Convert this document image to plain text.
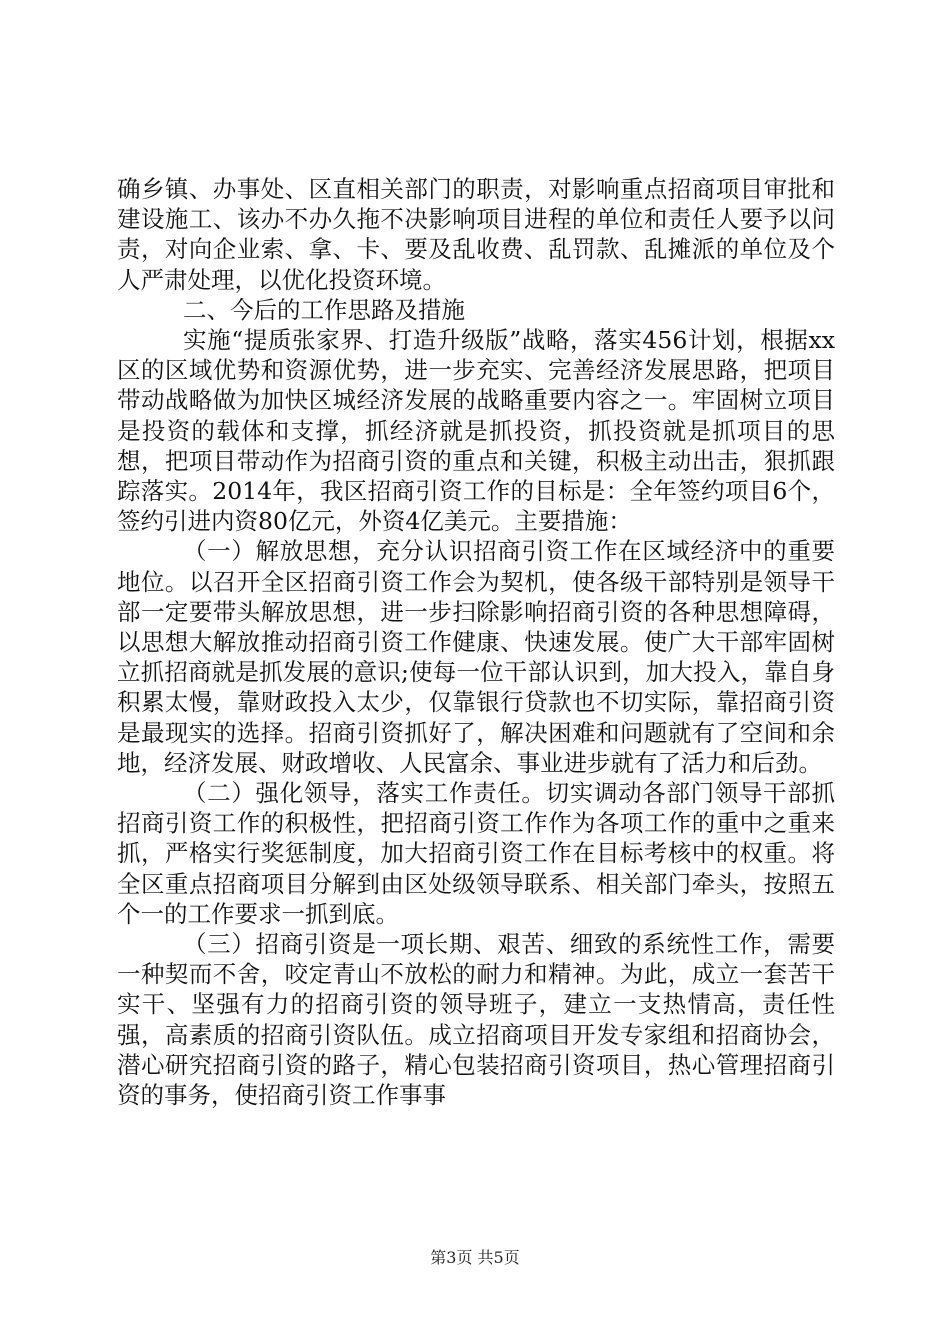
确乡镇、办事处、区直相关部门的职责，对影响重点招商项目审批和建设施工、该办不办久拖不决影响项目进程的单位和责任人要予以问责，对向企业索、拿、卡、要及乱收费、乱罚款、乱摊派的单位及个人严肃处理，以优化投资环境。

二、今后的工作思路及措施

实施“提质张家界、打造升级版”战略，落实456计划，根据xx区的区域优势和资源优势，进一步充实、完善经济发展思路，把项目带动战略做为加快区城经济发展的战略重要内容之一。牢固树立项目是投资的载体和支撑，抓经济就是抓投资，抓投资就是抓项目的思想，把项目带动作为招商引资的重点和关键，积极主动出击，狠抓跟踪落实。2014年，我区招商引资工作的目标是：全年签约项目6个，签约引进内资80亿元，外资4亿美元。主要措施：

（一）解放思想，充分认识招商引资工作在区域经济中的重要地位。以召开全区招商引资工作会为契机，使各级干部特别是领导干部一定要带头解放思想，进一步扫除影响招商引资的各种思想障碍，以思想大解放推动招商引资工作健康、快速发展。使广大干部牢固树立抓招商就是抓发展的意识;使每一位干部认识到，加大投入，靠自身积累太慢，靠财政投入太少，仅靠银行贷款也不切实际，靠招商引资是最现实的选择。招商引资抓好了，解决困难和问题就有了空间和余地，经济发展、财政增收、人民富余、事业进步就有了活力和后劲。

（二）强化领导，落实工作责任。切实调动各部门领导干部抓招商引资工作的积极性，把招商引资工作作为各项工作的重中之重来抓，严格实行奖惩制度，加大招商引资工作在目标考核中的权重。将全区重点招商项目分解到由区处级领导联系、相关部门牵头，按照五个一的工作要求一抓到底。

（三）招商引资是一项长期、艰苦、细致的系统性工作，需要一种契而不舍，咬定青山不放松的耐力和精神。为此，成立一套苦干实干、坚强有力的招商引资的领导班子，建立一支热情高，责任性强，高素质的招商引资队伍。成立招商项目开发专家组和招商协会，潜心研究招商引资的路子，精心包装招商引资项目，热心管理招商引资的事务，使招商引资工作事事

第3页 共5页
